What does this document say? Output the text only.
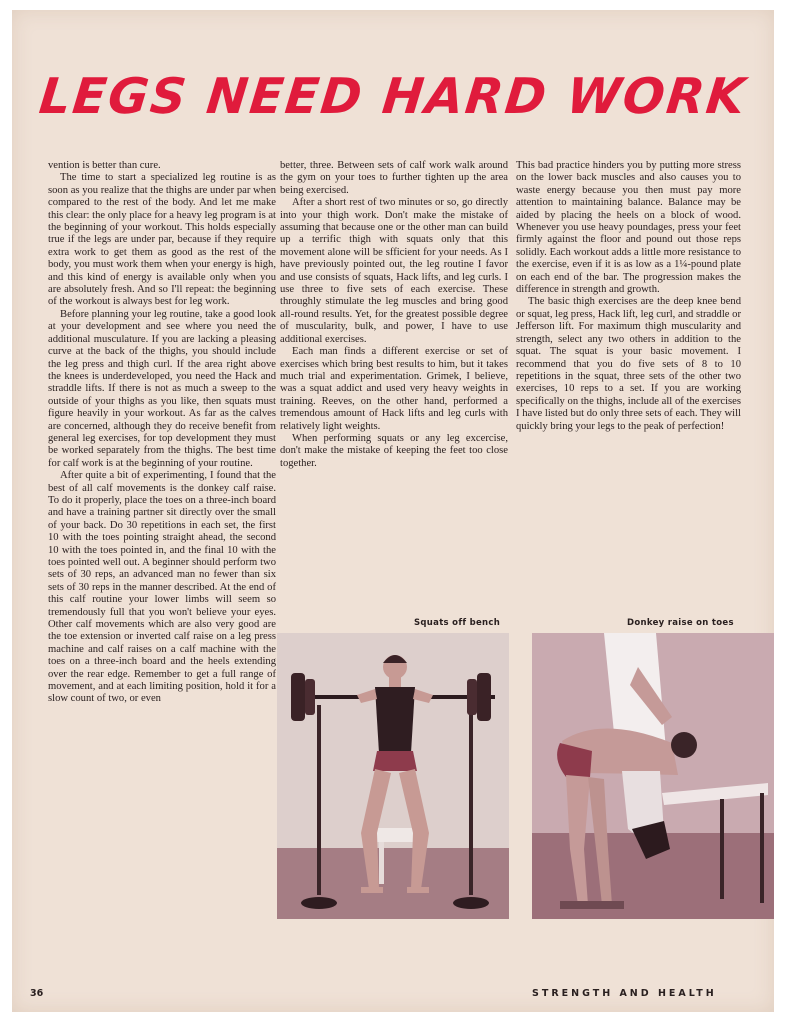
LEGS NEED HARD WORK

vention is better than cure.

The time to start a specialized leg routine is as soon as you realize that the thighs are under par when compared to the rest of the body. And let me make this clear: the only place for a heavy leg program is at the beginning of your workout. This holds especially true if the legs are under par, because if they require extra work to get them as good as the rest of the body, you must work them when your energy is high, and this kind of energy is available only when you are absolutely fresh. And so I'll repeat: the beginning of the workout is always best for leg work.

Before planning your leg routine, take a good look at your development and see where you need the additional musculature. If you are lacking a pleasing curve at the back of the thighs, you should include the leg press and thigh curl. If the area right above the knees is underdeveloped, you need the Hack and straddle lifts. If there is not as much a sweep to the outside of your thighs as you like, then squats must figure heavily in your workout. As far as the calves are concerned, although they do receive benefit from general leg exercises, for top development they must be worked separately from the thighs. The best time for calf work is at the beginning of your routine.

After quite a bit of experimenting, I found that the best of all calf movements is the donkey calf raise. To do it properly, place the toes on a three-inch board and have a training partner sit directly over the small of your back. Do 30 repetitions in each set, the first 10 with the toes pointing straight ahead, the second 10 with the toes pointed in, and the final 10 with the toes pointed well out. A beginner should perform two sets of 30 reps, an advanced man no fewer than six sets of 30 reps in the manner described. At the end of this calf routine your lower limbs will seem so tremendously full that you won't believe your eyes. Other calf movements which are also very good are the toe extension or inverted calf raise on a leg press machine and calf raises on a calf machine with the toes on a three-inch board and the heels extending over the rear edge. Remember to get a full range of movement, and at each limiting position, hold it for a slow count of two, or even

better, three. Between sets of calf work walk around the gym on your toes to further tighten up the area being exercised.

After a short rest of two minutes or so, go directly into your thigh work. Don't make the mistake of assuming that because one or the other man can build up a terrific thigh with squats only that this movement alone will be sfficient for your needs. As I have previously pointed out, the leg routine I favor and use consists of squats, Hack lifts, and leg curls. I use three to five sets of each exercise. These throughly stimulate the leg muscles and bring good all-round results. Yet, for the greatest possible degree of muscularity, bulk, and power, I have to use additional exercises.

Each man finds a different exercise or set of exercises which bring best results to him, but it takes much trial and experimentation. Grimek, I believe, was a squat addict and used very heavy weights in training. Reeves, on the other hand, performed a tremendous amount of Hack lifts and leg curls with relatively light weights.

When performing squats or any leg excercise, don't make the mistake of keeping the feet too close together.

This bad practice hinders you by putting more stress on the lower back muscles and also causes you to waste energy because you then must pay more attention to maintaining balance. Balance may be aided by placing the heels on a block of wood. Whenever you use heavy poundages, press your feet firmly against the floor and pound out those reps solidly. Each workout adds a little more resistance to the exercise, even if it is as low as a 1¼-pound plate on each end of the bar. The progression makes the difference in strength and growth.

The basic thigh exercises are the deep knee bend or squat, leg press, Hack lift, leg curl, and straddle or Jefferson lift. For maximum thigh muscularity and strength, select any two others in addition to the squat. The squat is your basic movement. I recommend that you do five sets of 8 to 10 repetitions in the squat, three sets of the other two exercises, 10 reps to a set. If you are working specifically on the thighs, include all of the exercises I have listed but do only three sets of each. They will quickly bring your legs to the peak of perfection!

Squats off bench	Donkey raise on toes
36	STRENGTH AND HEALTH
